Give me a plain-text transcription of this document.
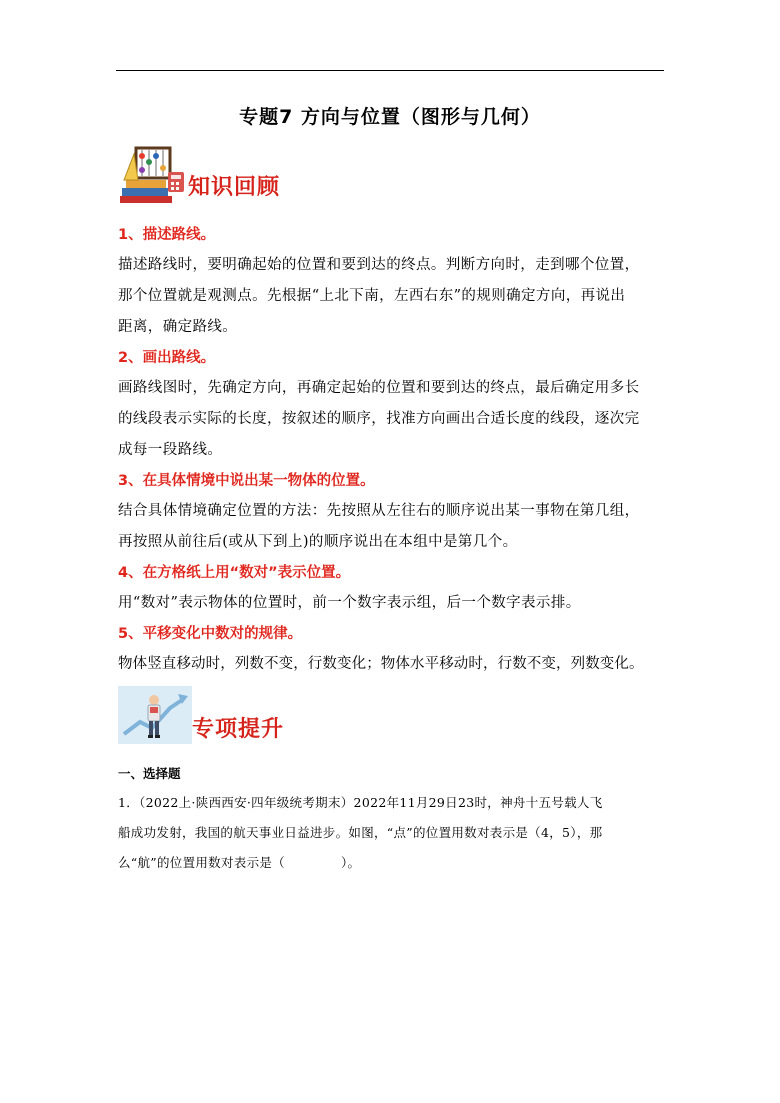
专题7 方向与位置（图形与几何）
知识回顾
1、描述路线。
描述路线时，要明确起始的位置和要到达的终点。判断方向时，走到哪个位置，
那个位置就是观测点。先根据“上北下南，左西右东”的规则确定方向，再说出
距离，确定路线。
2、画出路线。
画路线图时，先确定方向，再确定起始的位置和要到达的终点，最后确定用多长
的线段表示实际的长度，按叙述的顺序，找准方向画出合适长度的线段，逐次完
成每一段路线。
3、在具体情境中说出某一物体的位置。
结合具体情境确定位置的方法：先按照从左往右的顺序说出某一事物在第几组，
再按照从前往后(或从下到上)的顺序说出在本组中是第几个。
4、在方格纸上用“数对”表示位置。
用“数对”表示物体的位置时，前一个数字表示组，后一个数字表示排。
5、平移变化中数对的规律。
物体竖直移动时，列数不变，行数变化；物体水平移动时，行数不变，列数变化。
专项提升
一、选择题
1．（2022上·陕西西安·四年级统考期末）2022年11月29日23时，神舟十五号载人飞
船成功发射，我国的航天事业日益进步。如图，“点”的位置用数对表示是（4，5），那
么“航”的位置用数对表示是（	）。
